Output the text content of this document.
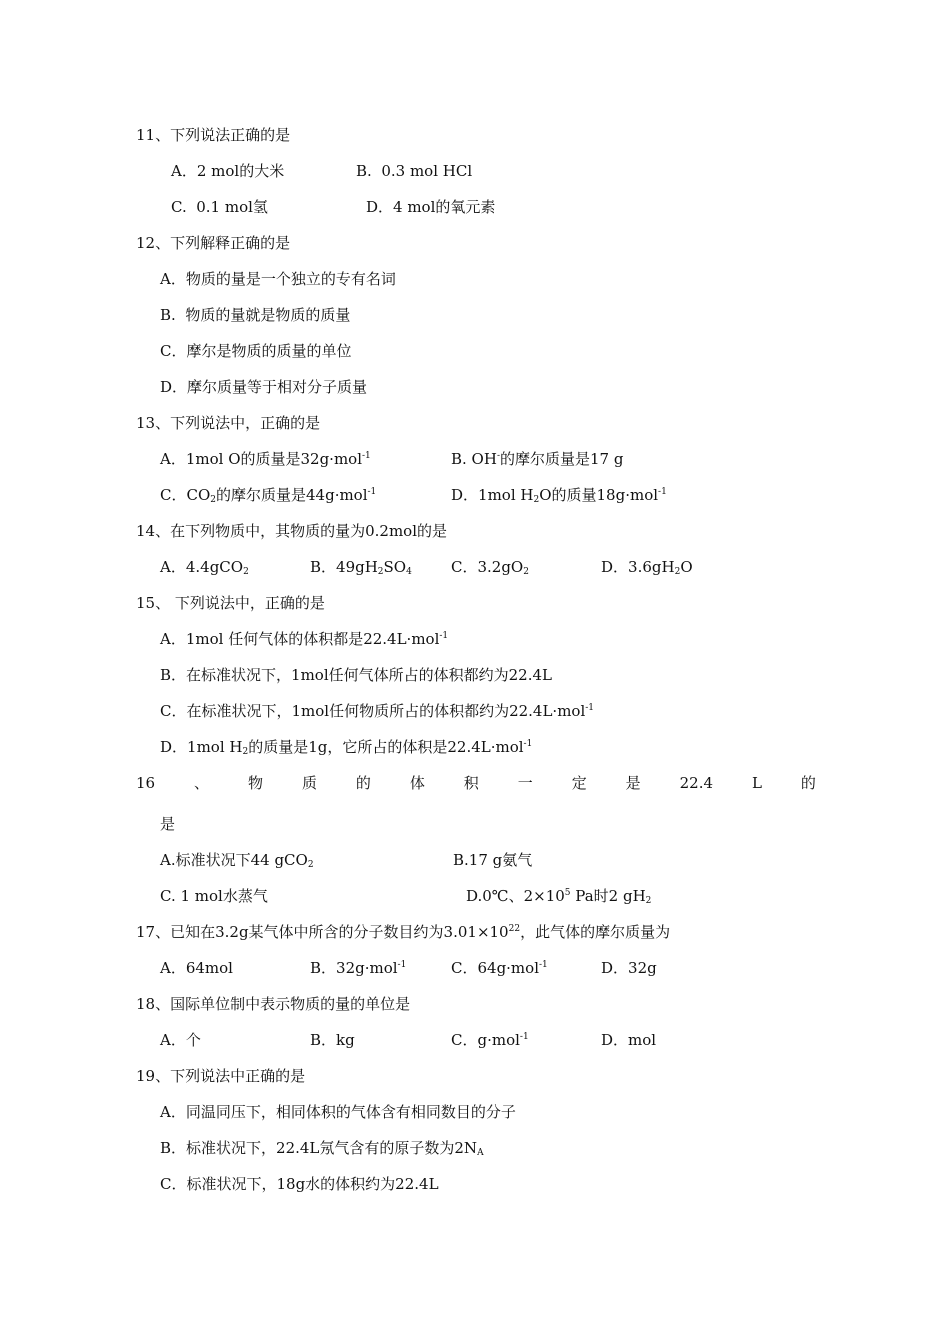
11、下列说法正确的是
A．2 mol的大米	B.  0.3 mol HCl
C.  0.1 mol氢	D．4 mol的氧元素
12、下列解释正确的是
A．物质的量是一个独立的专有名词
B.  物质的量就是物质的质量
C．摩尔是物质的质量的单位
D．摩尔质量等于相对分子质量
13、下列说法中，正确的是
A．1mol O的质量是32g·mol$^{-1}$	B. OH-的摩尔质量是17 g
C．$CO_2$的摩尔质量是44g·mol$^{-1}$	D．1mol $H_2O$的质量18g·mol$^{-1}$
14、在下列物质中，其物质的量为0.2mol的是
A．4.4gCO$_2$	B．$49gH_2SO_4$	C．$3.2gO_2$	D．$3.6gH_2O$
15、 下列说法中，正确的是
A．1mol 任何气体的体积都是22.4L·mol$^{-1}$
B．在标准状况下，1mol任何气体所占的体积都约为22.4L
C．在标准状况下，1mol任何物质所占的体积都约为22.4L·mol$^{-1}$
D．1mol $H_2$的质量是1g，它所占的体积是22.4L·mol$^{-1}$
16	、	物	质	的	体	积	一	定	是	22.4	L	的
是
A.标准状况下44 gCO$_2$	B.17 g氨气
C. 1 mol水蒸气	D.0℃、$2\times 10^5$ Pa时2 $gH_2$
17、已知在3.2g某气体中所含的分子数目约为$3.01\times 10^{22}$，此气体的摩尔质量为
A．64mol	B．32g·mol$^{-1}$	C．64g·mol$^{-1}$	D．32g
18、国际单位制中表示物质的量的单位是
A．个	B．kg	C．g·mol$^{-1}$	D．mol
19、下列说法中正确的是
A．同温同压下，相同体积的气体含有相同数目的分子
B．标准状况下，22.4L氖气含有的原子数为$2N_A$
C．标准状况下，18g水的体积约为22.4L
